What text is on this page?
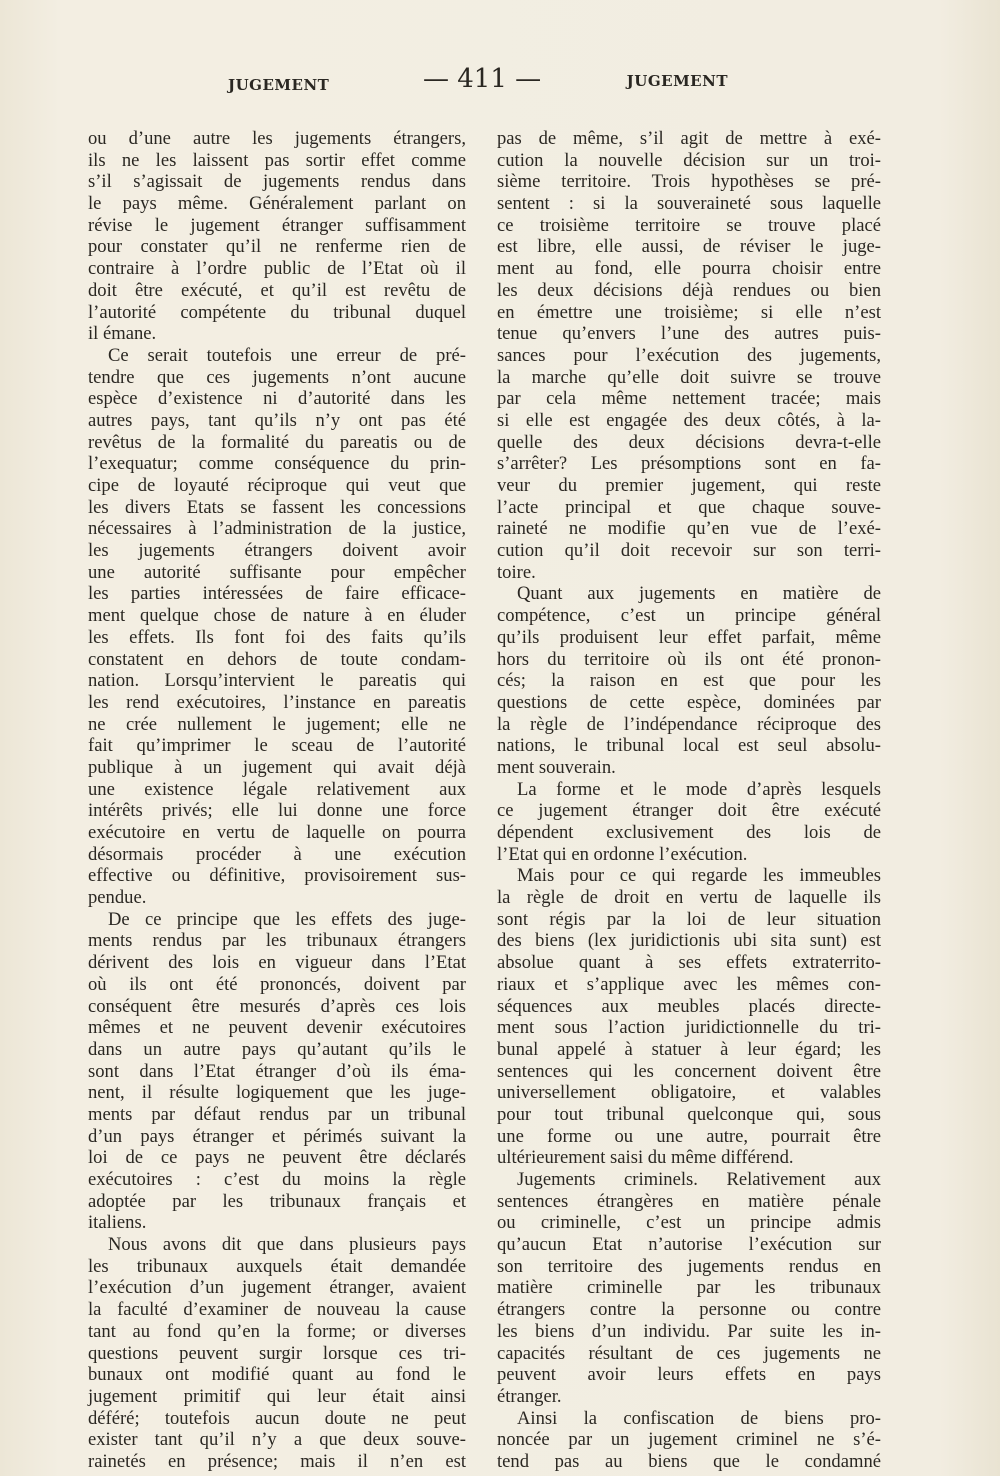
JUGEMENT	— 411 —	JUGEMENT
ou d’une autre les jugements étrangers,
ils ne les laissent pas sortir effet comme
s’il s’agissait de jugements rendus dans
le pays même. Généralement parlant on
révise le jugement étranger suffisamment
pour constater qu’il ne renferme rien de
contraire à l’ordre public de l’Etat où il
doit être exécuté, et qu’il est revêtu de
l’autorité compétente du tribunal duquel
il émane.
Ce serait toutefois une erreur de pré-
tendre que ces jugements n’ont aucune
espèce d’existence ni d’autorité dans les
autres pays, tant qu’ils n’y ont pas été
revêtus de la formalité du pareatis ou de
l’exequatur; comme conséquence du prin-
cipe de loyauté réciproque qui veut que
les divers Etats se fassent les concessions
nécessaires à l’administration de la justice,
les jugements étrangers doivent avoir
une autorité suffisante pour empêcher
les parties intéressées de faire efficace-
ment quelque chose de nature à en éluder
les effets. Ils font foi des faits qu’ils
constatent en dehors de toute condam-
nation. Lorsqu’intervient le pareatis qui
les rend exécutoires, l’instance en pareatis
ne crée nullement le jugement; elle ne
fait qu’imprimer le sceau de l’autorité
publique à un jugement qui avait déjà
une existence légale relativement aux
intérêts privés; elle lui donne une force
exécutoire en vertu de laquelle on pourra
désormais procéder à une exécution
effective ou définitive, provisoirement sus-
pendue.
De ce principe que les effets des juge-
ments rendus par les tribunaux étrangers
dérivent des lois en vigueur dans l’Etat
où ils ont été prononcés, doivent par
conséquent être mesurés d’après ces lois
mêmes et ne peuvent devenir exécutoires
dans un autre pays qu’autant qu’ils le
sont dans l’Etat étranger d’où ils éma-
nent, il résulte logiquement que les juge-
ments par défaut rendus par un tribunal
d’un pays étranger et périmés suivant la
loi de ce pays ne peuvent être déclarés
exécutoires : c’est du moins la règle
adoptée par les tribunaux français et
italiens.
Nous avons dit que dans plusieurs pays
les tribunaux auxquels était demandée
l’exécution d’un jugement étranger, avaient
la faculté d’examiner de nouveau la cause
tant au fond qu’en la forme; or diverses
questions peuvent surgir lorsque ces tri-
bunaux ont modifié quant au fond le
jugement primitif qui leur était ainsi
déféré; toutefois aucun doute ne peut
exister tant qu’il n’y a que deux souve-
rainetés en présence; mais il n’en est
pas de même, s’il agit de mettre à exé-
cution la nouvelle décision sur un troi-
sième territoire. Trois hypothèses se pré-
sentent : si la souveraineté sous laquelle
ce troisième territoire se trouve placé
est libre, elle aussi, de réviser le juge-
ment au fond, elle pourra choisir entre
les deux décisions déjà rendues ou bien
en émettre une troisième; si elle n’est
tenue qu’envers l’une des autres puis-
sances pour l’exécution des jugements,
la marche qu’elle doit suivre se trouve
par cela même nettement tracée; mais
si elle est engagée des deux côtés, à la-
quelle des deux décisions devra-t-elle
s’arrêter? Les présomptions sont en fa-
veur du premier jugement, qui reste
l’acte principal et que chaque souve-
raineté ne modifie qu’en vue de l’exé-
cution qu’il doit recevoir sur son terri-
toire.
Quant aux jugements en matière de
compétence, c’est un principe général
qu’ils produisent leur effet parfait, même
hors du territoire où ils ont été pronon-
cés; la raison en est que pour les
questions de cette espèce, dominées par
la règle de l’indépendance réciproque des
nations, le tribunal local est seul absolu-
ment souverain.
La forme et le mode d’après lesquels
ce jugement étranger doit être exécuté
dépendent exclusivement des lois de
l’Etat qui en ordonne l’exécution.
Mais pour ce qui regarde les immeubles
la règle de droit en vertu de laquelle ils
sont régis par la loi de leur situation
des biens (lex juridictionis ubi sita sunt) est
absolue quant à ses effets extraterrito-
riaux et s’applique avec les mêmes con-
séquences aux meubles placés directe-
ment sous l’action juridictionnelle du tri-
bunal appelé à statuer à leur égard; les
sentences qui les concernent doivent être
universellement obligatoire, et valables
pour tout tribunal quelconque qui, sous
une forme ou une autre, pourrait être
ultérieurement saisi du même différend.
Jugements criminels. Relativement aux
sentences étrangères en matière pénale
ou criminelle, c’est un principe admis
qu’aucun Etat n’autorise l’exécution sur
son territoire des jugements rendus en
matière criminelle par les tribunaux
étrangers contre la personne ou contre
les biens d’un individu. Par suite les in-
capacités résultant de ces jugements ne
peuvent avoir leurs effets en pays
étranger.
Ainsi la confiscation de biens pro-
noncée par un jugement criminel ne s’é-
tend pas au biens que le condamné
